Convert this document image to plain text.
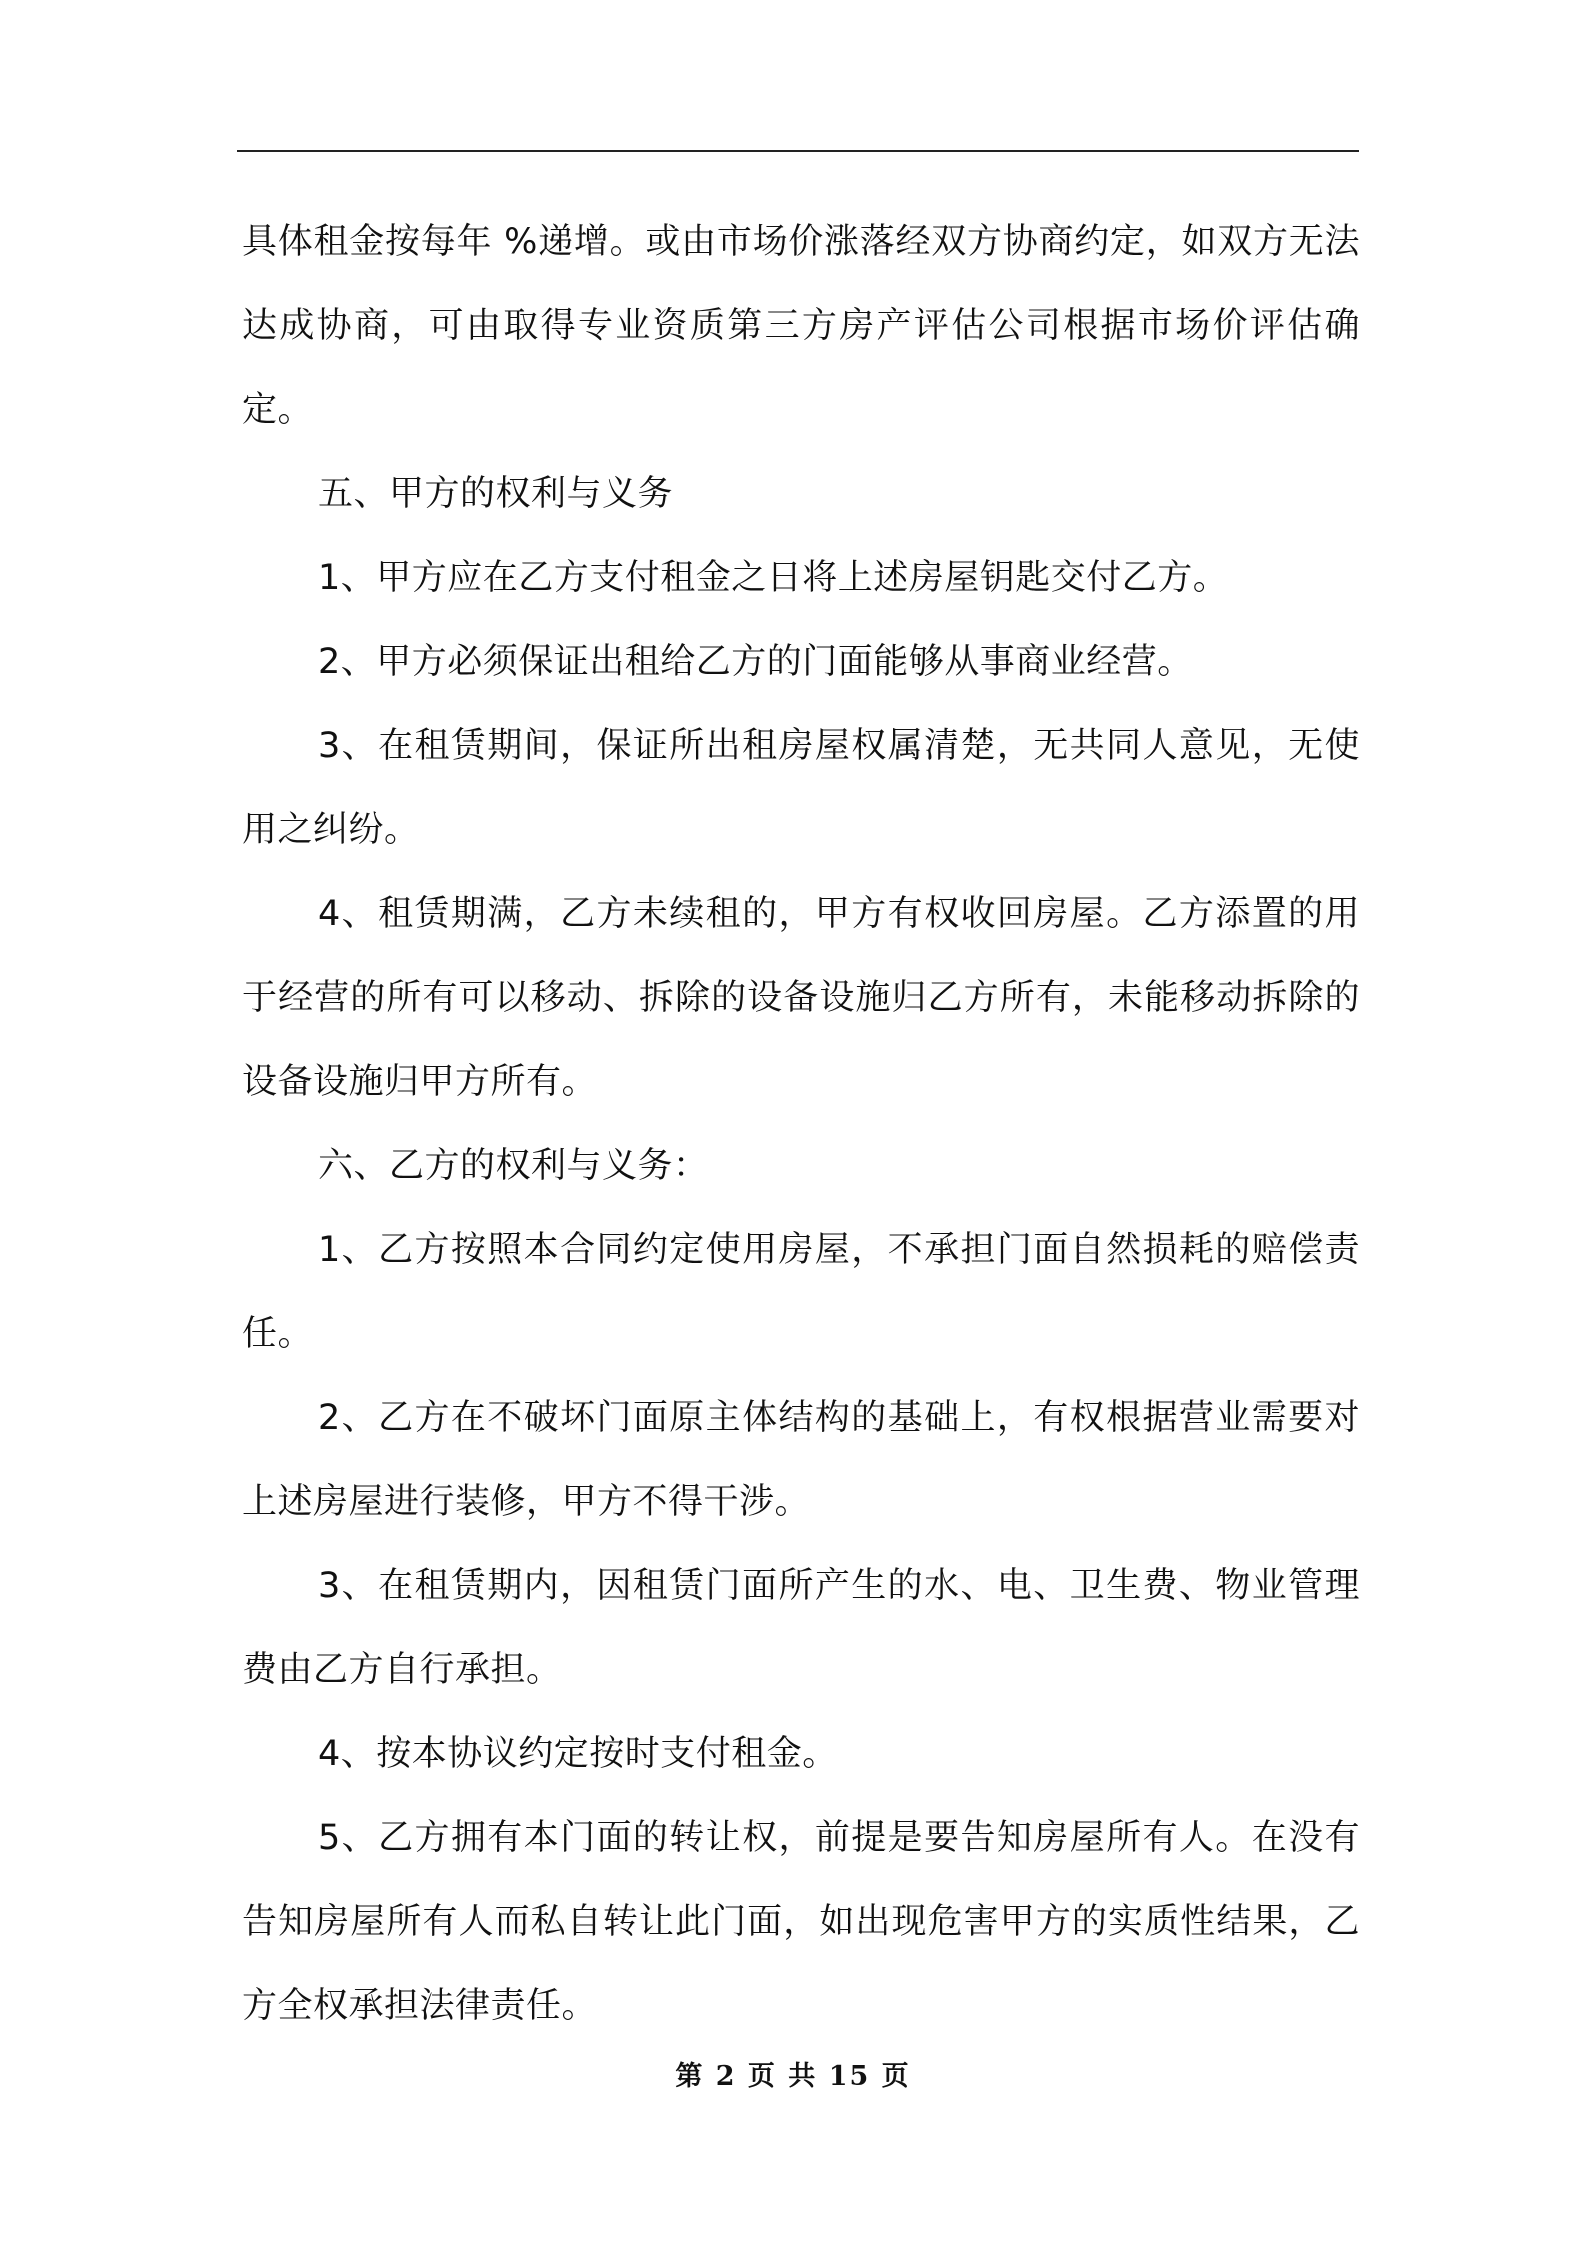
具体租金按每年 %递增。或由市场价涨落经双方协商约定，如双方无法达成协商，可由取得专业资质第三方房产评估公司根据市场价评估确定。

五、甲方的权利与义务

1、甲方应在乙方支付租金之日将上述房屋钥匙交付乙方。

2、甲方必须保证出租给乙方的门面能够从事商业经营。

3、在租赁期间，保证所出租房屋权属清楚，无共同人意见，无使用之纠纷。

4、租赁期满，乙方未续租的，甲方有权收回房屋。乙方添置的用于经营的所有可以移动、拆除的设备设施归乙方所有，未能移动拆除的设备设施归甲方所有。

六、乙方的权利与义务：

1、乙方按照本合同约定使用房屋，不承担门面自然损耗的赔偿责任。

2、乙方在不破坏门面原主体结构的基础上，有权根据营业需要对上述房屋进行装修，甲方不得干涉。

3、在租赁期内，因租赁门面所产生的水、电、卫生费、物业管理费由乙方自行承担。

4、按本协议约定按时支付租金。

5、乙方拥有本门面的转让权，前提是要告知房屋所有人。在没有告知房屋所有人而私自转让此门面，如出现危害甲方的实质性结果，乙方全权承担法律责任。

第 2 页 共 15 页
